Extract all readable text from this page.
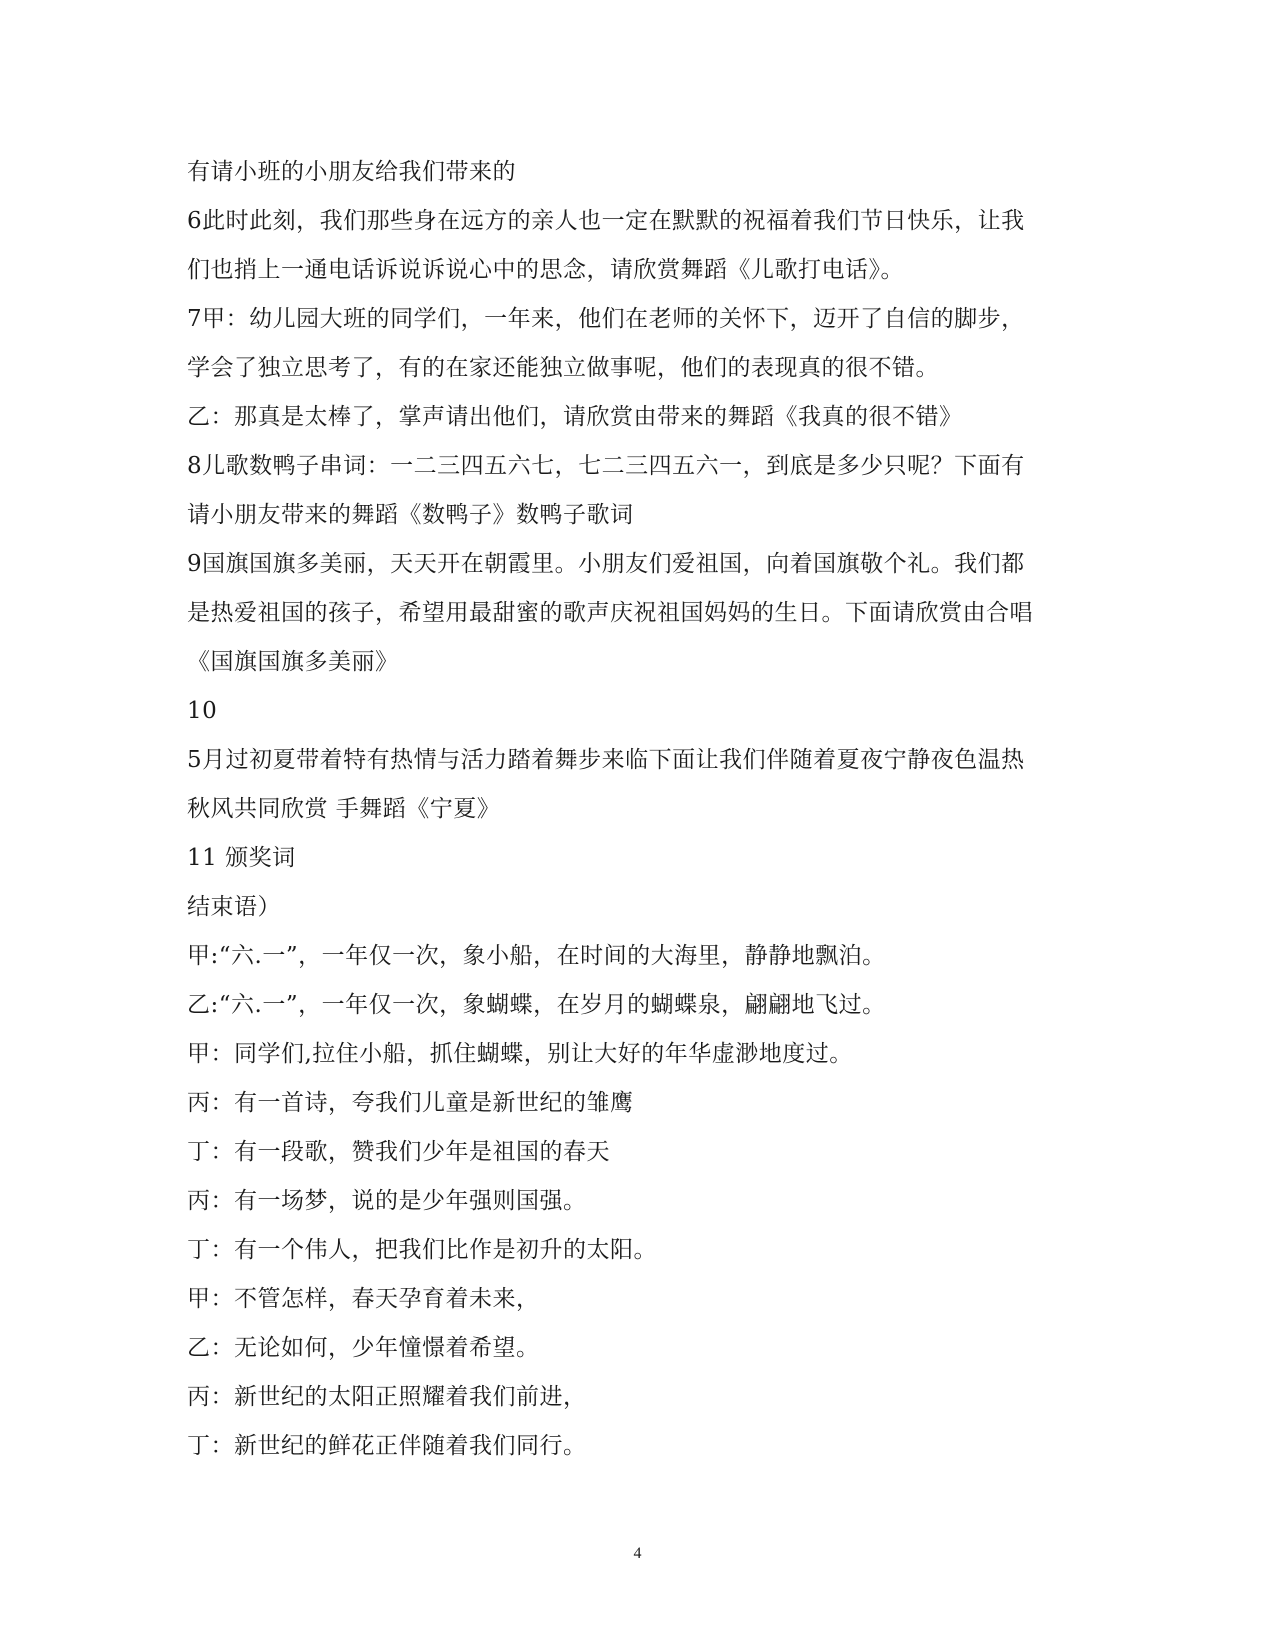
有请小班的小朋友给我们带来的
6此时此刻，我们那些身在远方的亲人也一定在默默的祝福着我们节日快乐，让我
们也捎上一通电话诉说诉说心中的思念，请欣赏舞蹈《儿歌打电话》。
7甲：幼儿园大班的同学们，一年来，他们在老师的关怀下，迈开了自信的脚步，
学会了独立思考了，有的在家还能独立做事呢，他们的表现真的很不错。
乙：那真是太棒了，掌声请出他们，请欣赏由带来的舞蹈《我真的很不错》
8儿歌数鸭子串词：一二三四五六七，七二三四五六一，到底是多少只呢？下面有
请小朋友带来的舞蹈《数鸭子》数鸭子歌词
9国旗国旗多美丽，天天开在朝霞里。小朋友们爱祖国，向着国旗敬个礼。我们都
是热爱祖国的孩子，希望用最甜蜜的歌声庆祝祖国妈妈的生日。下面请欣赏由合唱
《国旗国旗多美丽》
10
5月过初夏带着特有热情与活力踏着舞步来临下面让我们伴随着夏夜宁静夜色温热
秋风共同欣赏 手舞蹈《宁夏》
11 颁奖词
结束语）
甲:“六.一”，一年仅一次，象小船，在时间的大海里，静静地飘泊。
乙:“六.一”，一年仅一次，象蝴蝶，在岁月的蝴蝶泉，翩翩地飞过。
甲：同学们,拉住小船，抓住蝴蝶，别让大好的年华虚渺地度过。
丙：有一首诗，夸我们儿童是新世纪的雏鹰
丁：有一段歌，赞我们少年是祖国的春天
丙：有一场梦，说的是少年强则国强。
丁：有一个伟人，把我们比作是初升的太阳。
甲：不管怎样，春天孕育着未来，
乙：无论如何，少年憧憬着希望。
丙：新世纪的太阳正照耀着我们前进，
丁：新世纪的鲜花正伴随着我们同行。
4
